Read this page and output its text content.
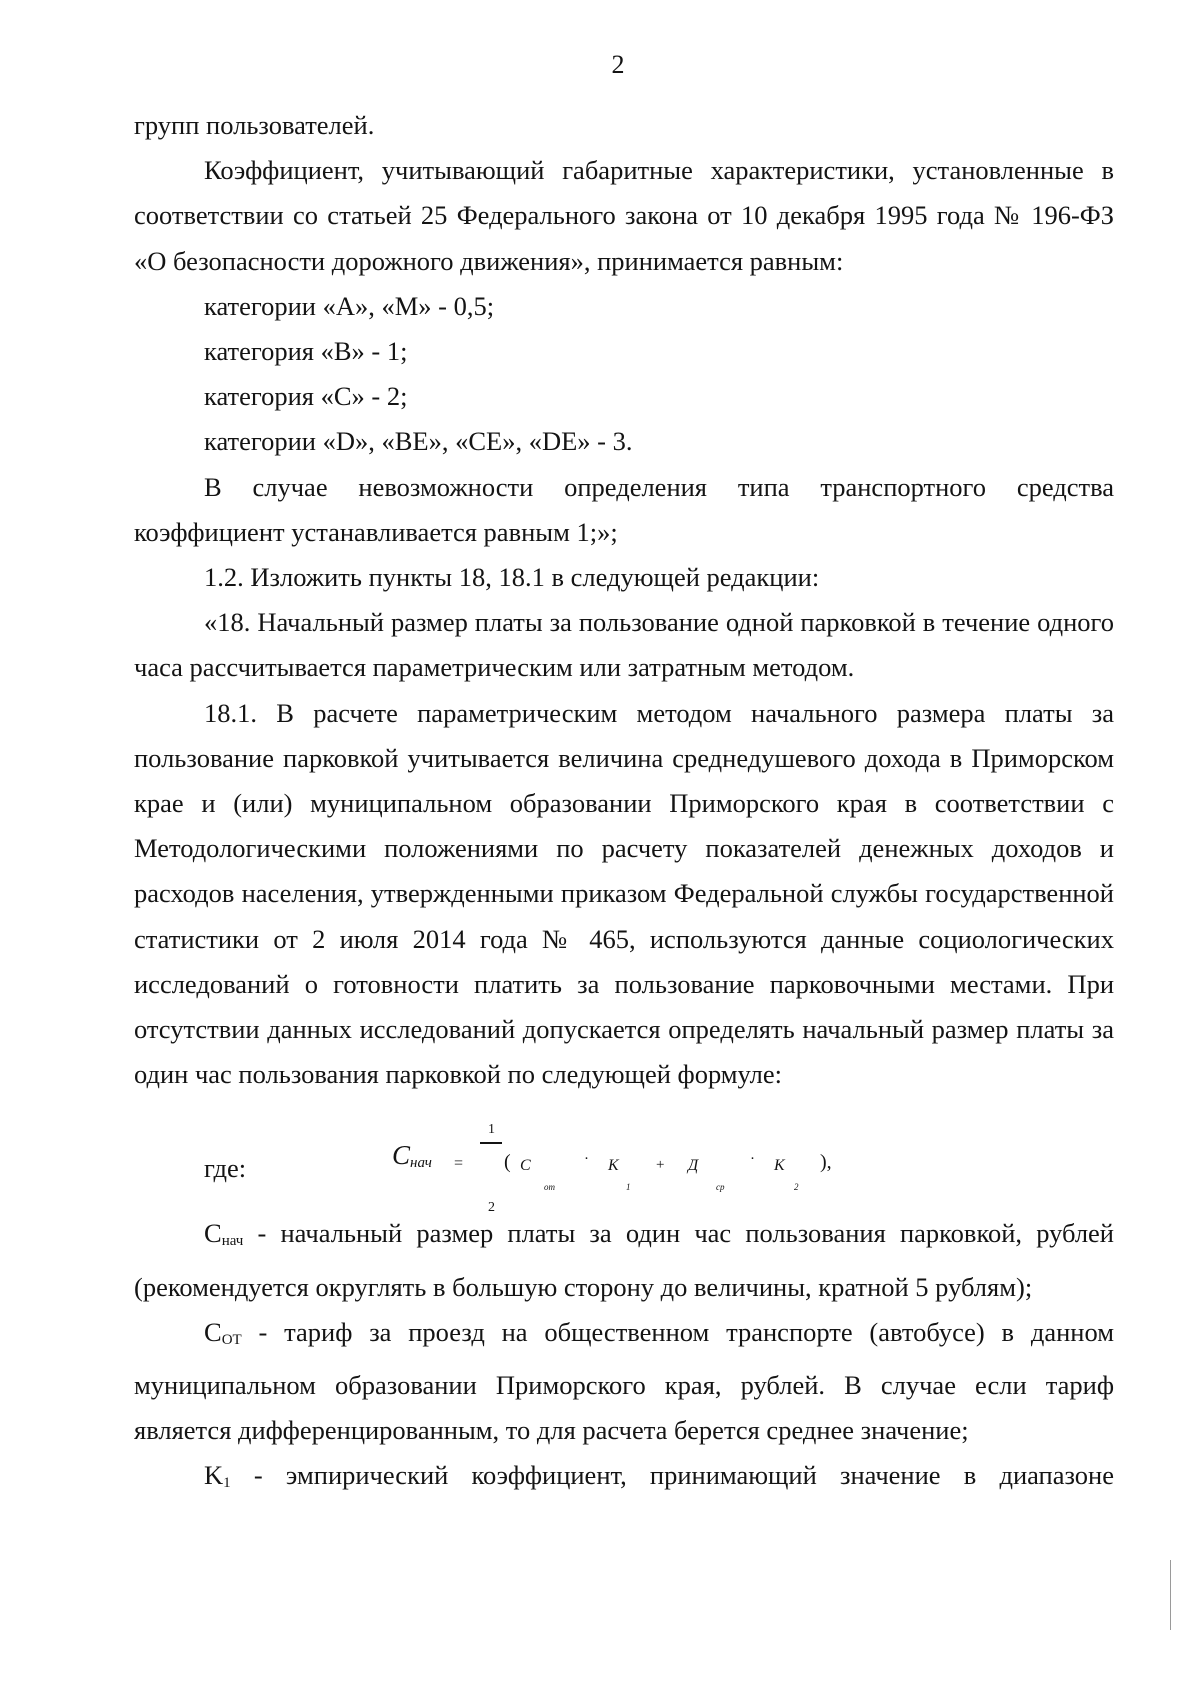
2

групп пользователей.

Коэффициент, учитывающий габаритные характеристики, установленные в соответствии со статьей 25 Федерального закона от 10 декабря 1995 года № 196-ФЗ «О безопасности дорожного движения», принимается равным:

категории «А», «М» - 0,5;

категория «В» - 1;

категория «С» - 2;

категории «D», «ВЕ», «СЕ», «DЕ» - 3.

В случае невозможности определения типа транспортного средства коэффициент устанавливается равным 1;»;

1.2. Изложить пункты 18, 18.1 в следующей редакции:

«18. Начальный размер платы за пользование одной парковкой в течение одного часа рассчитывается параметрическим или затратным методом.

18.1. В расчете параметрическим методом начального размера платы за пользование парковкой учитывается величина среднедушевого дохода в Приморском крае и (или) муниципальном образовании Приморского края в соответствии с Методологическими положениями по расчету показателей денежных доходов и расходов населения, утвержденными приказом Федеральной службы государственной статистики от 2 июля 2014 года № 465, используются данные социологических исследований о готовности платить за пользование парковочными местами. При отсутствии данных исследований допускается определять начальный размер платы за один час пользования парковкой по следующей формуле:

где:	$C_{нач}$ =
1
2
( C
от
· K
1
+ Д
ср
· K
2
),

Снач - начальный размер платы за один час пользования парковкой, рублей (рекомендуется округлять в большую сторону до величины, кратной 5 рублям);

СОТ - тариф за проезд на общественном транспорте (автобусе) в данном муниципальном образовании Приморского края, рублей. В случае если тариф является дифференцированным, то для расчета берется среднее значение;

K1 - эмпирический коэффициент, принимающий значение в диапазоне
